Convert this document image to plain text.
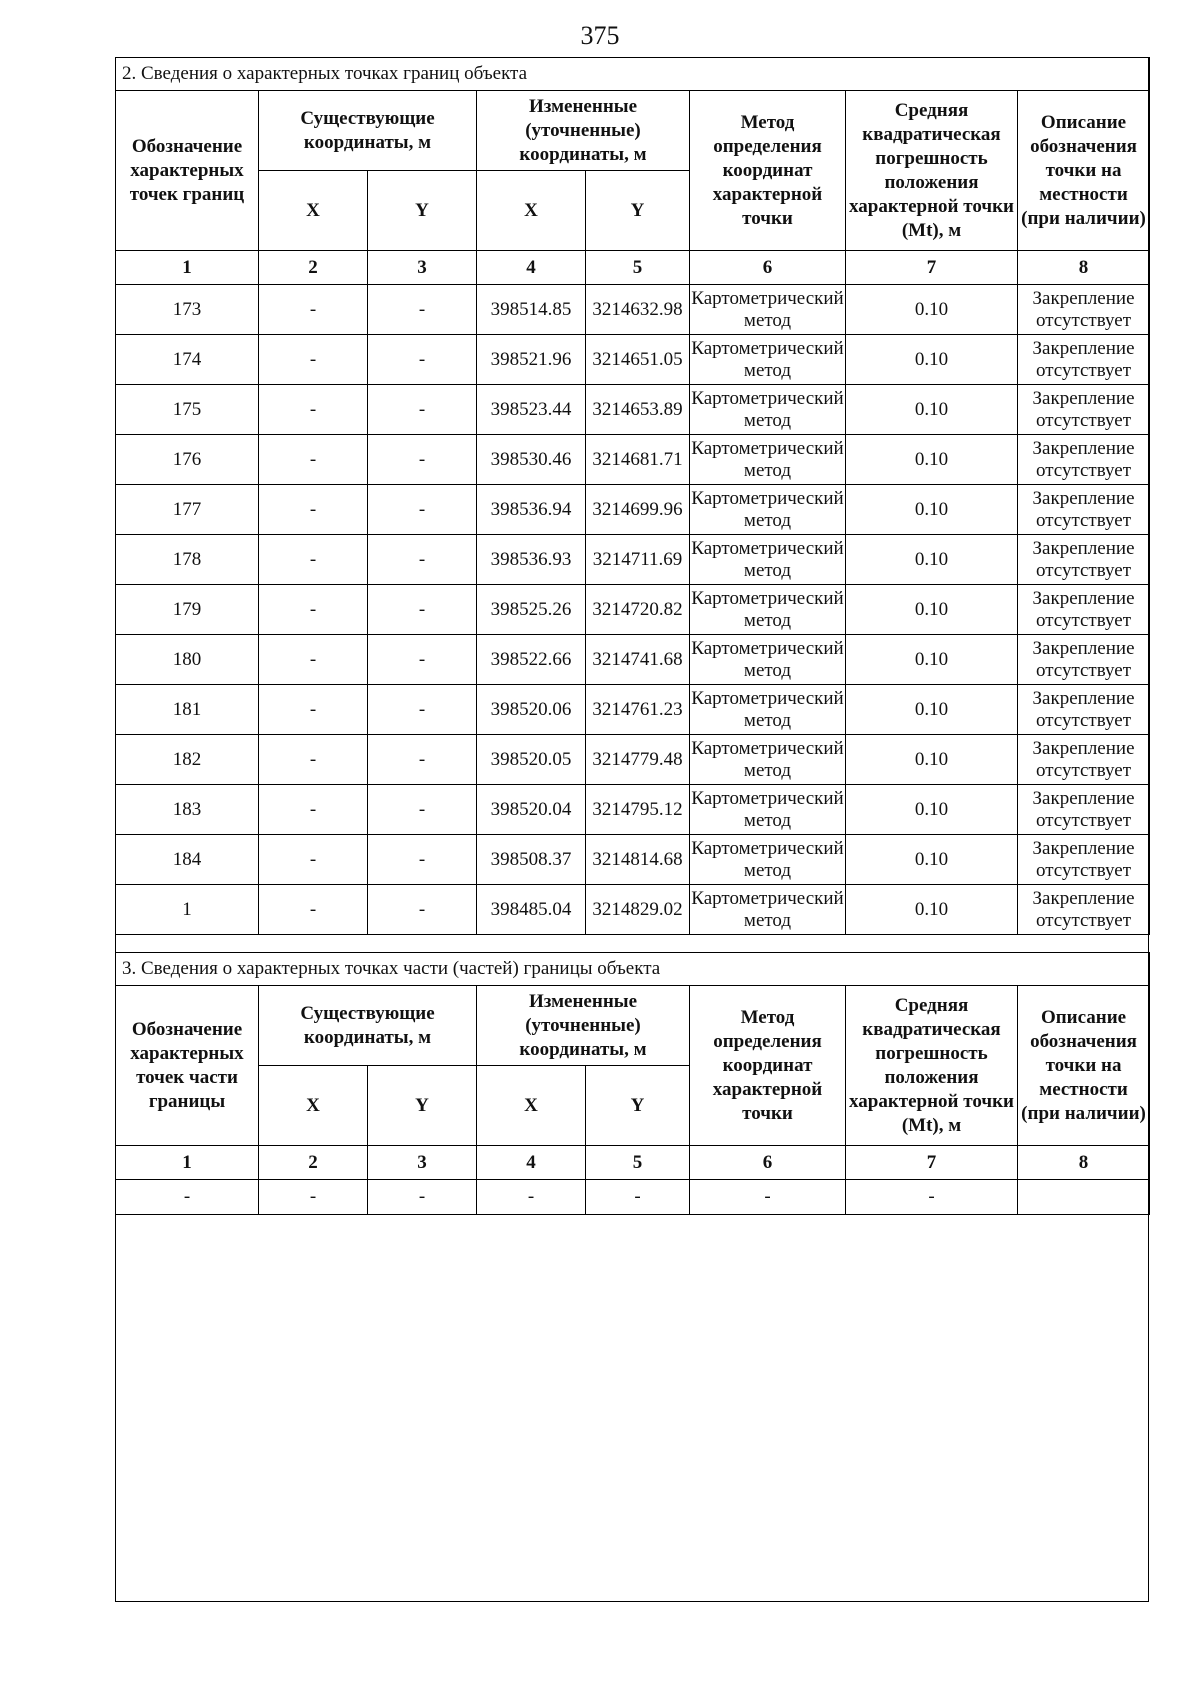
375
2. Сведения о характерных точках границ объекта							
Обозначение характерных точек границ	Существующие координаты, м		Измененные (уточненные) координаты, м		Метод определения координат характерной точки	Средняя квадратическая погрешность положения характерной точки (Mt), м	Описание обозначения точки на местности (при наличии)
	X	Y	X	Y			
1	2	3	4	5	6	7	8
173	-	-	398514.85	3214632.98	Картометрический метод	0.10	Закрепление отсутствует
174	-	-	398521.96	3214651.05	Картометрический метод	0.10	Закрепление отсутствует
175	-	-	398523.44	3214653.89	Картометрический метод	0.10	Закрепление отсутствует
176	-	-	398530.46	3214681.71	Картометрический метод	0.10	Закрепление отсутствует
177	-	-	398536.94	3214699.96	Картометрический метод	0.10	Закрепление отсутствует
178	-	-	398536.93	3214711.69	Картометрический метод	0.10	Закрепление отсутствует
179	-	-	398525.26	3214720.82	Картометрический метод	0.10	Закрепление отсутствует
180	-	-	398522.66	3214741.68	Картометрический метод	0.10	Закрепление отсутствует
181	-	-	398520.06	3214761.23	Картометрический метод	0.10	Закрепление отсутствует
182	-	-	398520.05	3214779.48	Картометрический метод	0.10	Закрепление отсутствует
183	-	-	398520.04	3214795.12	Картометрический метод	0.10	Закрепление отсутствует
184	-	-	398508.37	3214814.68	Картометрический метод	0.10	Закрепление отсутствует
1	-	-	398485.04	3214829.02	Картометрический метод	0.10	Закрепление отсутствует
3. Сведения о характерных точках части (частей) границы объекта							
Обозначение характерных точек части границы	Существующие координаты, м		Измененные (уточненные) координаты, м		Метод определения координат характерной точки	Средняя квадратическая погрешность положения характерной точки (Mt), м	Описание обозначения точки на местности (при наличии)
	X	Y	X	Y			
1	2	3	4	5	6	7	8
-	-	-	-	-	-	-	
